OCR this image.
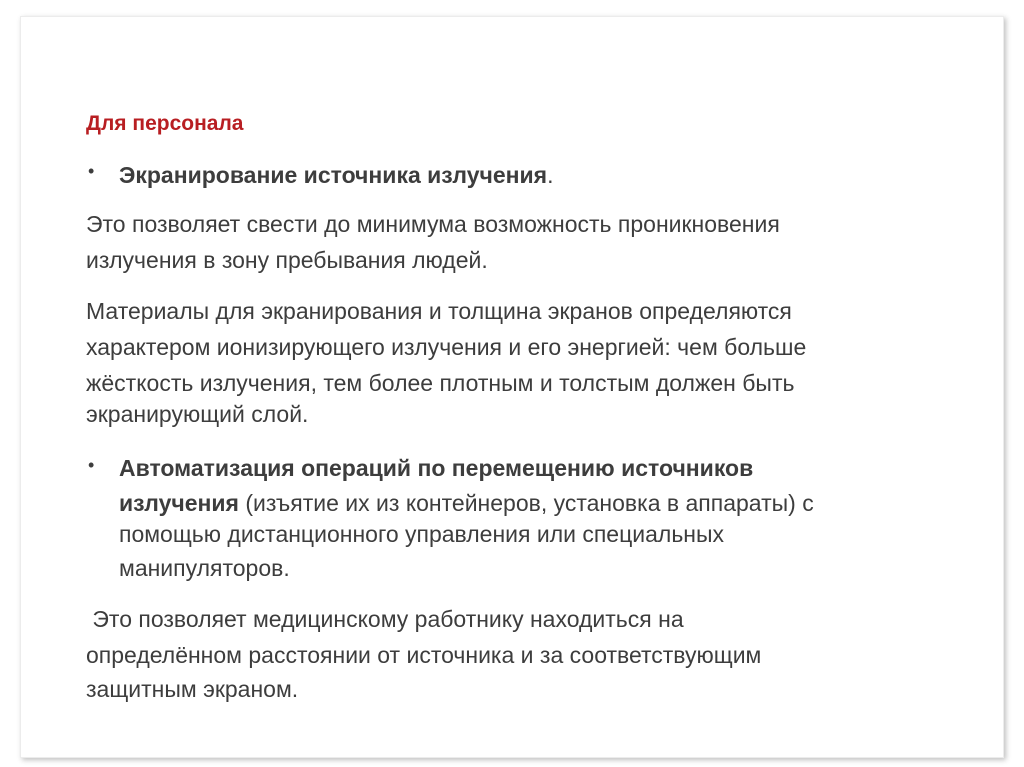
Для персонала
• Экранирование источника излучения.
Это позволяет свести до минимума возможность проникновения
излучения в зону пребывания людей.
Материалы для экранирования и толщина экранов определяются
характером ионизирующего излучения и его энергией: чем больше
жёсткость излучения, тем более плотным и толстым должен быть
экранирующий слой.
• Автоматизация операций по перемещению источников
излучения (изъятие их из контейнеров, установка в аппараты) с
помощью дистанционного управления или специальных
манипуляторов.
Это позволяет медицинскому работнику находиться на
определённом расстоянии от источника и за соответствующим
защитным экраном.
